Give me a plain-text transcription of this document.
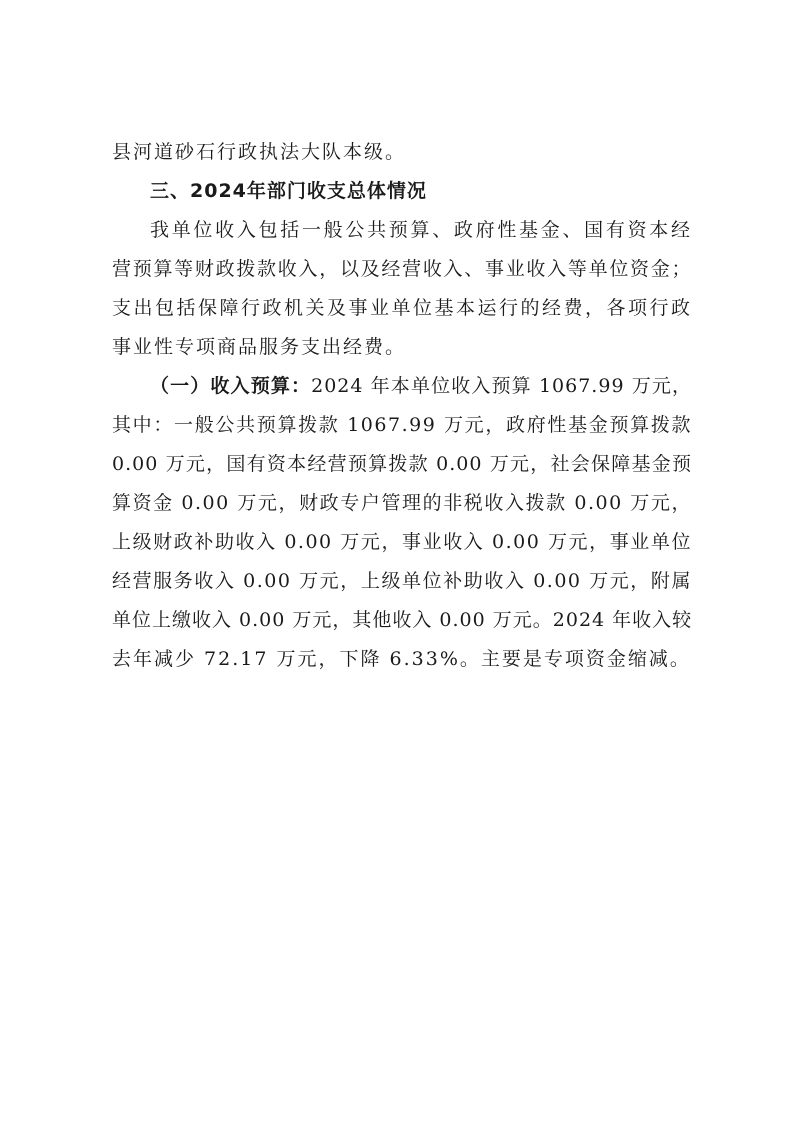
县河道砂石行政执法大队本级。
三、2024年部门收支总体情况
我单位收入包括一般公共预算、政府性基金、国有资本经
营预算等财政拨款收入，以及经营收入、事业收入等单位资金；
支出包括保障行政机关及事业单位基本运行的经费，各项行政
事业性专项商品服务支出经费。
（一）收入预算：2024 年本单位收入预算 1067.99 万元，
其中：一般公共预算拨款 1067.99 万元，政府性基金预算拨款
0.00 万元，国有资本经营预算拨款 0.00 万元，社会保障基金预
算资金 0.00 万元，财政专户管理的非税收入拨款 0.00 万元，
上级财政补助收入 0.00 万元，事业收入 0.00 万元，事业单位
经营服务收入 0.00 万元，上级单位补助收入 0.00 万元，附属
单位上缴收入 0.00 万元，其他收入 0.00 万元。2024 年收入较
去年减少 72.17 万元，下降 6.33%。主要是专项资金缩减。
